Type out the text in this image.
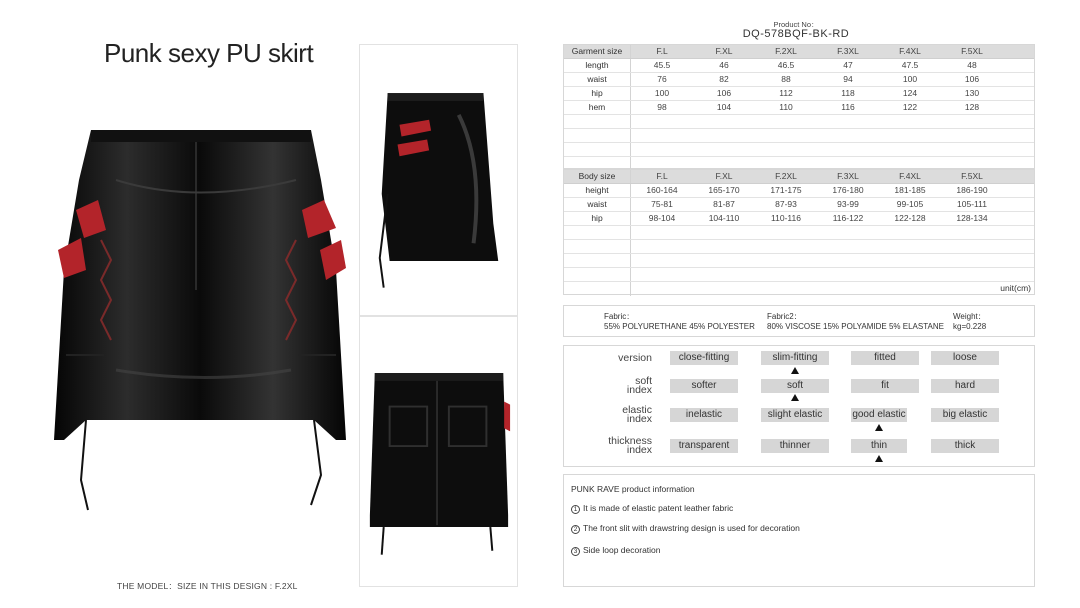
Punk sexy PU skirt
THE MODEL：SIZE IN THIS DESIGN : F.2XL
Product No：
DQ-578BQF-BK-RD
Garment size	F.L	F.XL	F.2XL	F.3XL	F.4XL	F.5XL
length	45.5	46	46.5	47	47.5	48
waist	76	82	88	94	100	106
hip	100	106	112	118	124	130
hem	98	104	110	116	122	128
Body size	F.L	F.XL	F.2XL	F.3XL	F.4XL	F.5XL
height	160-164	165-170	171-175	176-180	181-185	186-190
waist	75-81	81-87	87-93	93-99	99-105	105-111
hip	98-104	104-110	110-116	116-122	122-128	128-134
unit(cm)
Fabric：
55% POLYURETHANE 45% POLYESTER
Fabric2：
80% VISCOSE 15% POLYAMIDE 5% ELASTANE
Weight：
kg=0.228
version	close-fitting	slim-fitting	fitted	loose
soft
index	softer	soft	fit	hard
elastic
index	inelastic	slight elastic	good elastic	big elastic
thickness
index	transparent	thinner	thin	thick
PUNK RAVE product information
1 It is made of elastic patent leather fabric
2 The front slit with drawstring design is used for decoration
3 Side loop decoration
